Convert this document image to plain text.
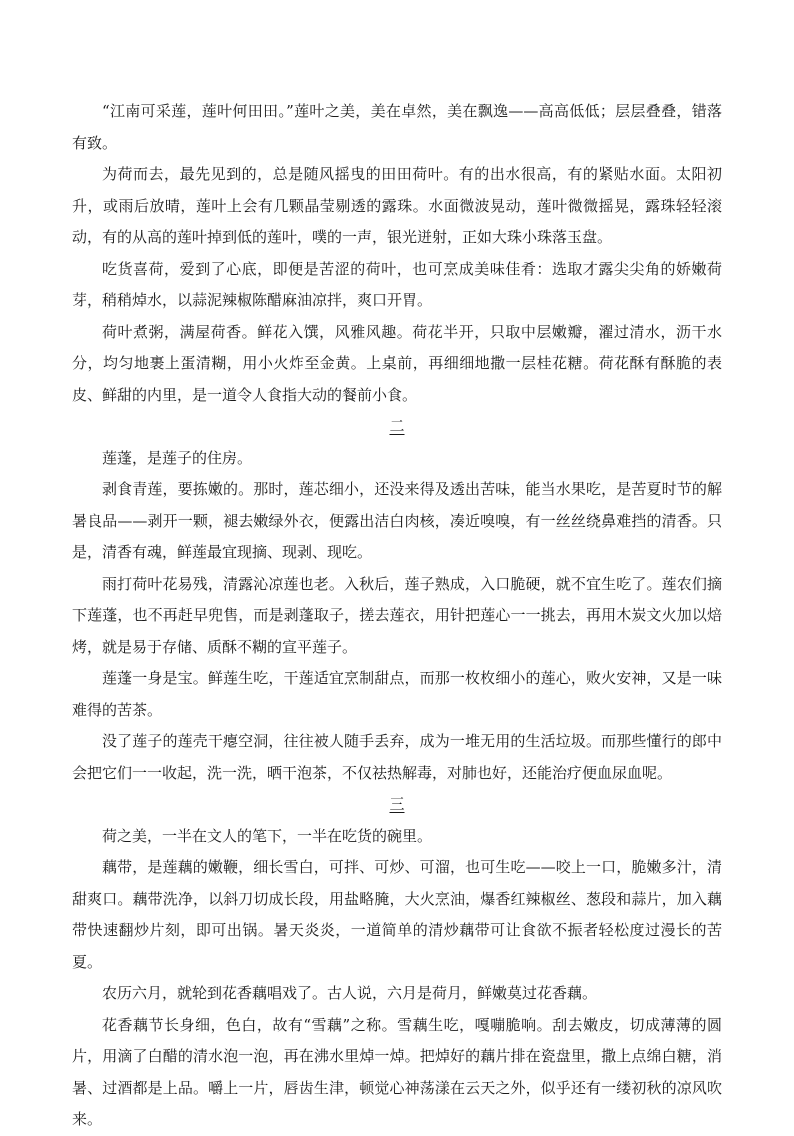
“江南可采莲，莲叶何田田。”莲叶之美，美在卓然，美在飘逸——高高低低；层层叠叠，错落有致。

为荷而去，最先见到的，总是随风摇曳的田田荷叶。有的出水很高，有的紧贴水面。太阳初升，或雨后放晴，莲叶上会有几颗晶莹剔透的露珠。水面微波晃动，莲叶微微摇晃，露珠轻轻滚动，有的从高的莲叶掉到低的莲叶，噗的一声，银光迸射，正如大珠小珠落玉盘。

吃货喜荷，爱到了心底，即便是苦涩的荷叶，也可烹成美味佳肴：选取才露尖尖角的娇嫩荷芽，稍稍焯水，以蒜泥辣椒陈醋麻油凉拌，爽口开胃。

荷叶煮粥，满屋荷香。鲜花入馔，风雅风趣。荷花半开，只取中层嫩瓣，濯过清水，沥干水分，均匀地裹上蛋清糊，用小火炸至金黄。上桌前，再细细地撒一层桂花糖。荷花酥有酥脆的表皮、鲜甜的内里，是一道令人食指大动的餐前小食。

二

莲蓬，是莲子的住房。

剥食青莲，要拣嫩的。那时，莲芯细小，还没来得及透出苦味，能当水果吃，是苦夏时节的解暑良品——剥开一颗，褪去嫩绿外衣，便露出洁白肉核，凑近嗅嗅，有一丝丝绕鼻难挡的清香。只是，清香有魂，鲜莲最宜现摘、现剥、现吃。

雨打荷叶花易残，清露沁凉莲也老。入秋后，莲子熟成，入口脆硬，就不宜生吃了。莲农们摘下莲蓬，也不再赶早兜售，而是剥蓬取子，搓去莲衣，用针把莲心一一挑去，再用木炭文火加以焙烤，就是易于存储、质酥不糊的宣平莲子。

莲蓬一身是宝。鲜莲生吃，干莲适宜烹制甜点，而那一枚枚细小的莲心，败火安神，又是一味难得的苦茶。

没了莲子的莲壳干瘪空洞，往往被人随手丢弃，成为一堆无用的生活垃圾。而那些懂行的郎中会把它们一一收起，洗一洗，晒干泡茶，不仅祛热解毒，对肺也好，还能治疗便血尿血呢。

三

荷之美，一半在文人的笔下，一半在吃货的碗里。

藕带，是莲藕的嫩鞭，细长雪白，可拌、可炒、可溜，也可生吃——咬上一口，脆嫩多汁，清甜爽口。藕带洗净，以斜刀切成长段，用盐略腌，大火烹油，爆香红辣椒丝、葱段和蒜片，加入藕带快速翻炒片刻，即可出锅。暑天炎炎，一道简单的清炒藕带可让食欲不振者轻松度过漫长的苦夏。

农历六月，就轮到花香藕唱戏了。古人说，六月是荷月，鲜嫩莫过花香藕。

花香藕节长身细，色白，故有“雪藕”之称。雪藕生吃，嘎嘣脆响。刮去嫩皮，切成薄薄的圆片，用滴了白醋的清水泡一泡，再在沸水里焯一焯。把焯好的藕片排在瓷盘里，撒上点绵白糖，消暑、过酒都是上品。嚼上一片，唇齿生津，顿觉心神荡漾在云天之外，似乎还有一缕初秋的凉风吹来。
